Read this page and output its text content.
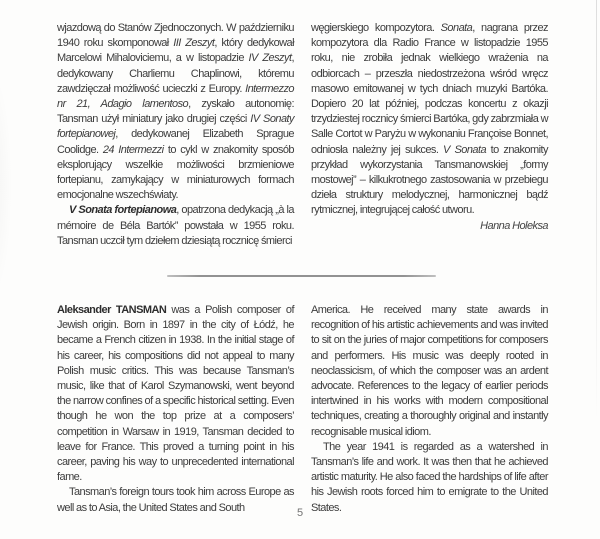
wjazdową do Stanów Zjednoczonych. W październiku 1940 roku skomponował III Zeszyt, który dedykował Marcelowi Mihaloviciemu, a w listopadzie IV Zeszyt, dedykowany Charliemu Chaplinowi, któremu zawdzięczał możliwość ucieczki z Europy. Intermezzo nr 21, Adagio lamentoso, zyskało autonomię: Tansman użył miniatury jako drugiej części IV Sonaty fortepianowej, dedykowanej Elizabeth Sprague Coolidge. 24 Intermezzi to cykl w znakomity sposób eksplorujący wszelkie możliwości brzmieniowe fortepianu, zamykający w miniaturowych formach emocjonalne wszechświaty.

V Sonata fortepianowa, opatrzona dedykacją „à la mémoire de Béla Bartók” powstała w 1955 roku. Tansman uczcił tym dziełem dziesiątą rocznicę śmierci

węgierskiego kompozytora. Sonata, nagrana przez kompozytora dla Radio France w listopadzie 1955 roku, nie zrobiła jednak wielkiego wrażenia na odbiorcach – przeszła niedostrzeżona wśród wręcz masowo emitowanej w tych dniach muzyki Bartóka. Dopiero 20 lat później, podczas koncertu z okazji trzydziestej rocznicy śmierci Bartóka, gdy zabrzmiała w Salle Cortot w Paryżu w wykonaniu Françoise Bonnet, odniosła należny jej sukces. V Sonata to znakomity przykład wykorzystania Tansmanowskiej „formy mostowej” – kilkukrotnego zastosowania w przebiegu dzieła struktury melodycznej, harmonicznej bądź rytmicznej, integrującej całość utworu.

Hanna Holeksa

Aleksander TANSMAN was a Polish composer of Jewish origin. Born in 1897 in the city of Łódź, he became a French citizen in 1938. In the initial stage of his career, his compositions did not appeal to many Polish music critics. This was because Tansman’s music, like that of Karol Szymanowski, went beyond the narrow confines of a specific historical setting. Even though he won the top prize at a composers’ competition in Warsaw in 1919, Tansman decided to leave for France. This proved a turning point in his career, paving his way to unprecedented international fame.

Tansman’s foreign tours took him across Europe as well as to Asia, the United States and South

America. He received many state awards in recognition of his artistic achievements and was invited to sit on the juries of major competitions for composers and performers. His music was deeply rooted in neoclassicism, of which the composer was an ardent advocate. References to the legacy of earlier periods intertwined in his works with modern compositional techniques, creating a thoroughly original and instantly recognisable musical idiom.

The year 1941 is regarded as a watershed in Tansman’s life and work. It was then that he achieved artistic maturity. He also faced the hardships of life after his Jewish roots forced him to emigrate to the United States.

5
